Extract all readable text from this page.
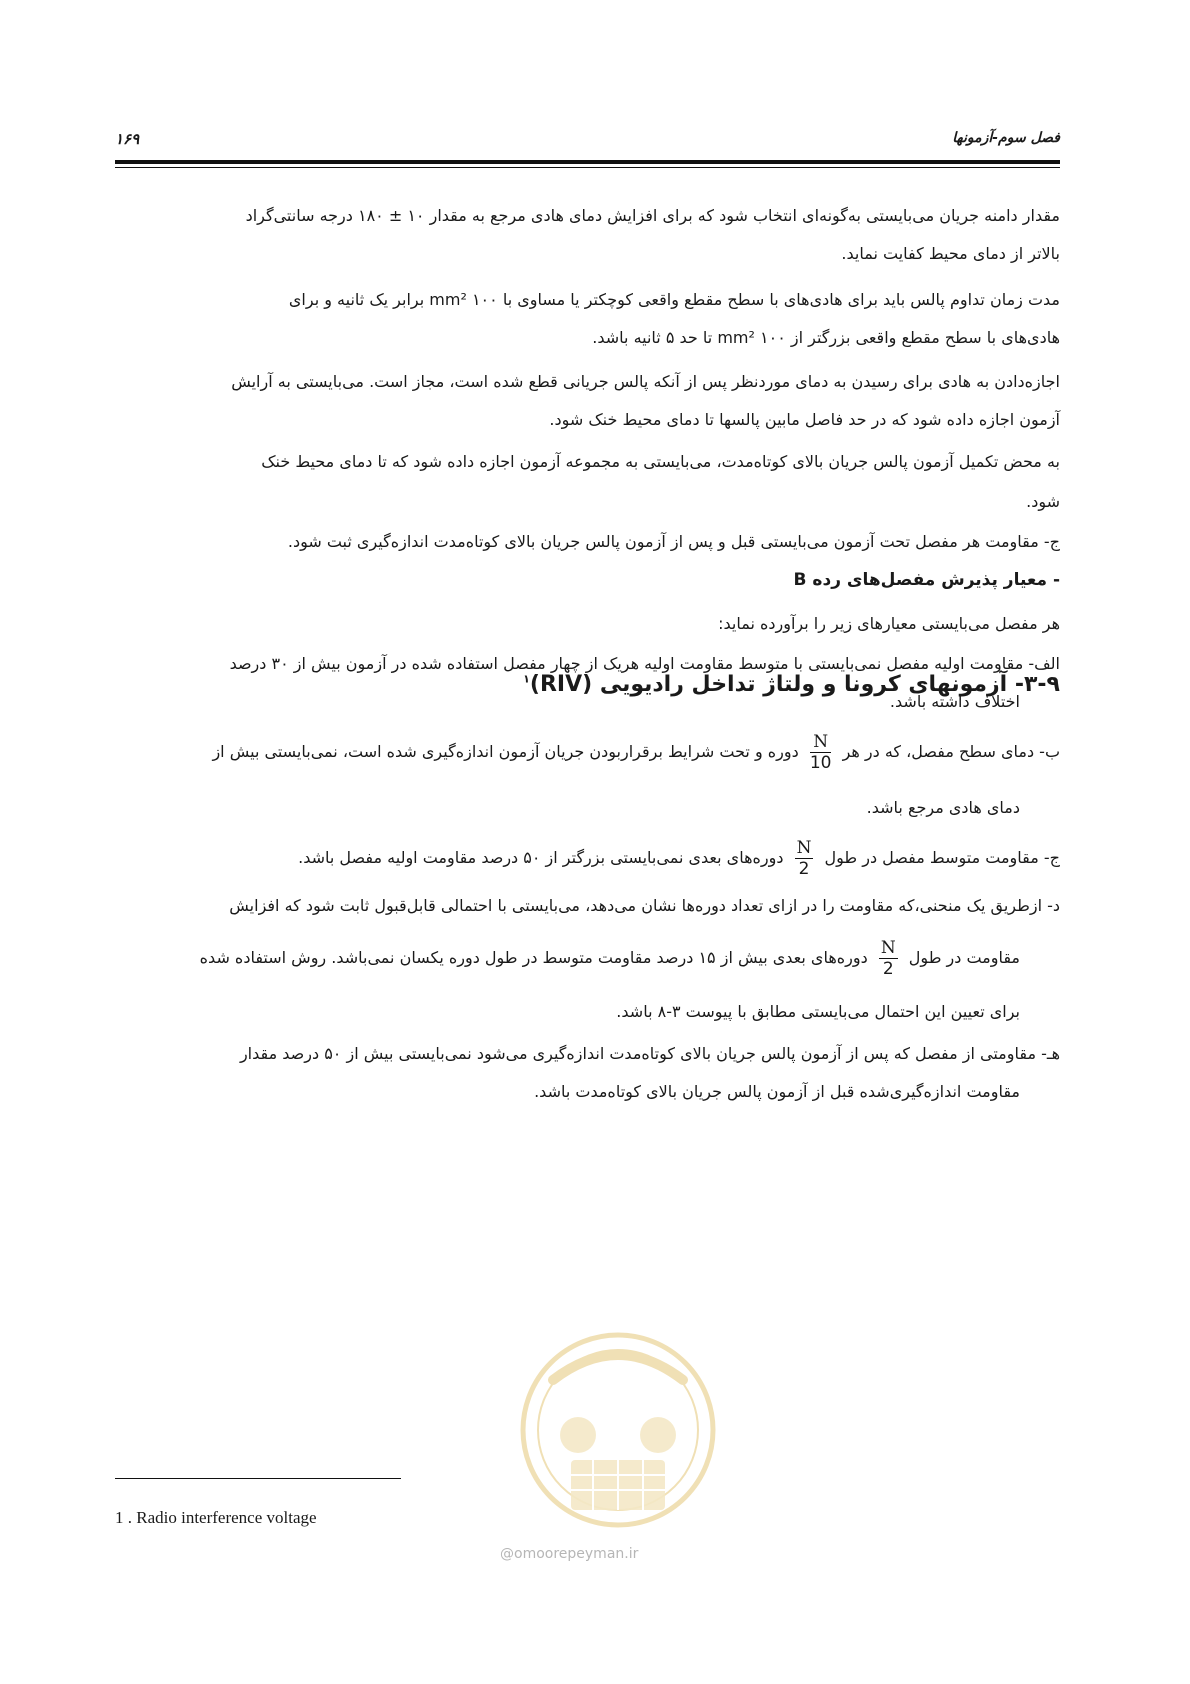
۱۶۹	فصل سوم-آزمونها
مقدار دامنه جریان می‌بایستی به‌گونه‌ای انتخاب شود که برای افزایش دمای هادی مرجع به مقدار ۱۰ ± ۱۸۰ درجه سانتی‌گراد
بالاتر از دمای محیط کفایت نماید.
مدت زمان تداوم پالس باید برای هادی‌های با سطح مقطع واقعی کوچکتر یا مساوی با ۱۰۰ mm² برابر یک ثانیه و برای
هادی‌های با سطح مقطع واقعی بزرگتر از ۱۰۰ mm² تا حد ۵ ثانیه باشد.
اجازه‌دادن به هادی برای رسیدن به دمای موردنظر پس از آنکه پالس جریانی قطع شده است، مجاز است. می‌بایستی به آرایش
آزمون اجازه داده شود که در حد فاصل مابین پالسها تا دمای محیط خنک شود.
به محض تکمیل آزمون پالس جریان بالای کوتاه‌مدت، می‌بایستی به مجموعه آزمون اجازه داده شود که تا دمای محیط خنک
شود.
ج- مقاومت هر مفصل تحت آزمون می‌بایستی قبل و پس از آزمون پالس جریان بالای کوتاه‌مدت اندازه‌گیری ثبت شود.
- معیار پذیرش مفصل‌های رده B
هر مفصل می‌بایستی معیارهای زیر را برآورده نماید:
الف- مقاومت اولیه مفصل نمی‌بایستی با متوسط مقاومت اولیه هریک از چهار مفصل استفاده شده در آزمون بیش از ۳۰ درصد
اختلاف داشته باشد.
ب- دمای سطح مفصل، که در هر
$\frac{N}{10}$
دوره و تحت شرایط برقراربودن جریان آزمون اندازه‌گیری شده است، نمی‌بایستی بیش از
دمای هادی مرجع باشد.
ج- مقاومت متوسط مفصل در طول
$\frac{N}{2}$
دوره‌های بعدی نمی‌بایستی بزرگتر از ۵۰ درصد مقاومت اولیه مفصل باشد.
د- ازطریق یک منحنی،که مقاومت را در ازای تعداد دوره‌ها نشان می‌دهد، می‌بایستی با احتمالی قابل‌قبول ثابت شود که افزایش
مقاومت در طول
$\frac{N}{2}$
دوره‌های بعدی بیش از ۱۵ درصد مقاومت متوسط در طول دوره یکسان نمی‌باشد. روش استفاده شده
برای تعیین این احتمال می‌بایستی مطابق با پیوست ۳-۸ باشد.
هـ- مقاومتی از مفصل که پس از آزمون پالس جریان بالای کوتاه‌مدت اندازه‌گیری می‌شود نمی‌بایستی بیش از ۵۰ درصد مقدار
مقاومت اندازه‌گیری‌شده قبل از آزمون پالس جریان بالای کوتاه‌مدت باشد.
@omoorepeyman.ir
۳-۹- آزمونهای کرونا و ولتاژ تداخل رادیویی (RIV)$^۱$
1 . Radio interference voltage
